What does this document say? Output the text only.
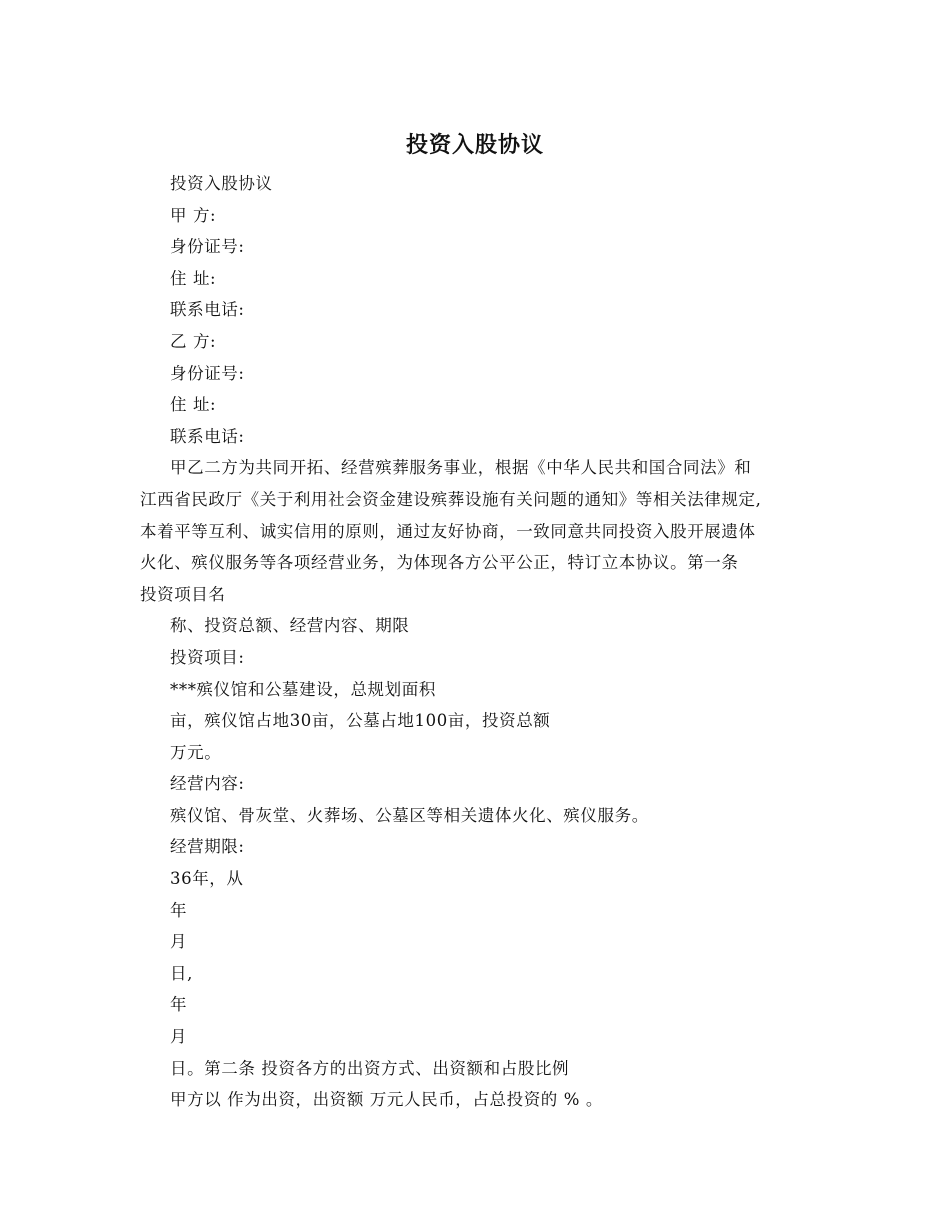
投资入股协议
投资入股协议
甲 方:
身份证号:
住 址:
联系电话:
乙 方:
身份证号:
住 址:
联系电话:
甲乙二方为共同开拓、经营殡葬服务事业，根据《中华人民共和国合同法》和
江西省民政厅《关于利用社会资金建设殡葬设施有关问题的通知》等相关法律规定,
本着平等互利、诚实信用的原则，通过友好协商，一致同意共同投资入股开展遗体
火化、殡仪服务等各项经营业务，为体现各方公平公正，特订立本协议。第一条
投资项目名
称、投资总额、经营内容、期限
投资项目:
***殡仪馆和公墓建设，总规划面积
亩，殡仪馆占地30亩，公墓占地100亩，投资总额
万元。
经营内容:
殡仪馆、骨灰堂、火葬场、公墓区等相关遗体火化、殡仪服务。
经营期限:
36年，从
年
月
日,
年
月
日。第二条 投资各方的出资方式、出资额和占股比例
甲方以 作为出资，出资额 万元人民币，占总投资的 % 。
